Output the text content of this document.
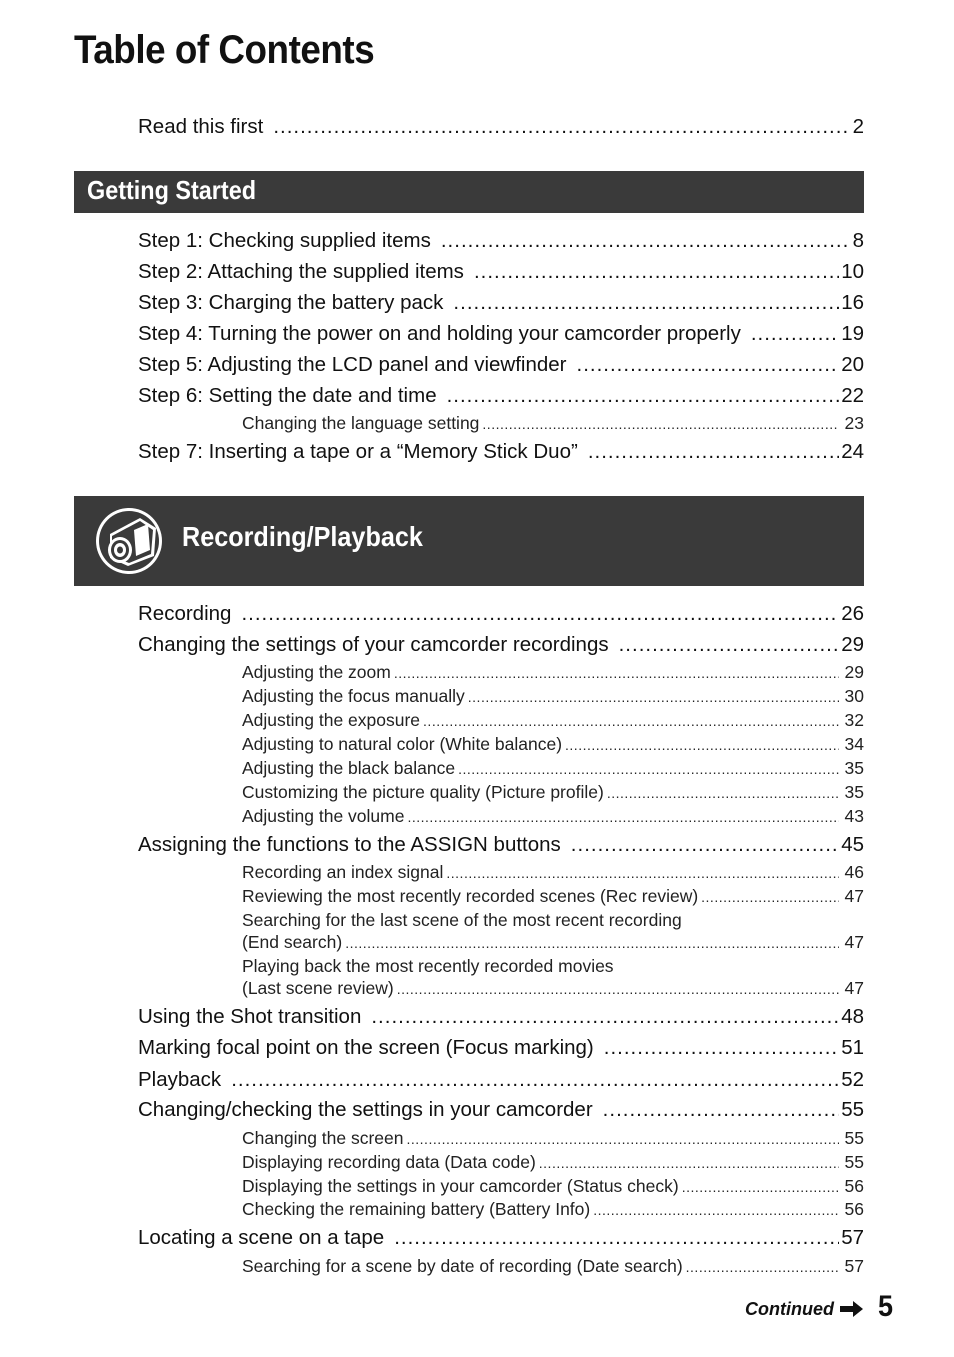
Table of Contents
Read this first .....	2
Getting Started
Step 1: Checking supplied items .....	8
Step 2: Attaching the supplied items .....	10
Step 3: Charging the battery pack .....	16
Step 4: Turning the power on and holding your camcorder properly .....	19
Step 5: Adjusting the LCD panel and viewfinder .....	20
Step 6: Setting the date and time .....	22
Changing the language setting .....	23
Step 7: Inserting a tape or a “Memory Stick Duo” .....	24
Recording/Playback
Recording .....	26
Changing the settings of your camcorder recordings .....	29
Adjusting the zoom .....	29
Adjusting the focus manually .....	30
Adjusting the exposure .....	32
Adjusting to natural color (White balance) .....	34
Adjusting the black balance .....	35
Customizing the picture quality (Picture profile) .....	35
Adjusting the volume .....	43
Assigning the functions to the ASSIGN buttons .....	45
Recording an index signal .....	46
Reviewing the most recently recorded scenes (Rec review) .....	47
Searching for the last scene of the most recent recording
(End search) .....	47
Playing back the most recently recorded movies
(Last scene review) .....	47
Using the Shot transition .....	48
Marking focal point on the screen (Focus marking) .....	51
Playback .....	52
Changing/checking the settings in your camcorder .....	55
Changing the screen .....	55
Displaying recording data (Data code) .....	55
Displaying the settings in your camcorder (Status check) .....	56
Checking the remaining battery (Battery Info) .....	56
Locating a scene on a tape .....	57
Searching for a scene by date of recording (Date search) .....	57
Continued 5
